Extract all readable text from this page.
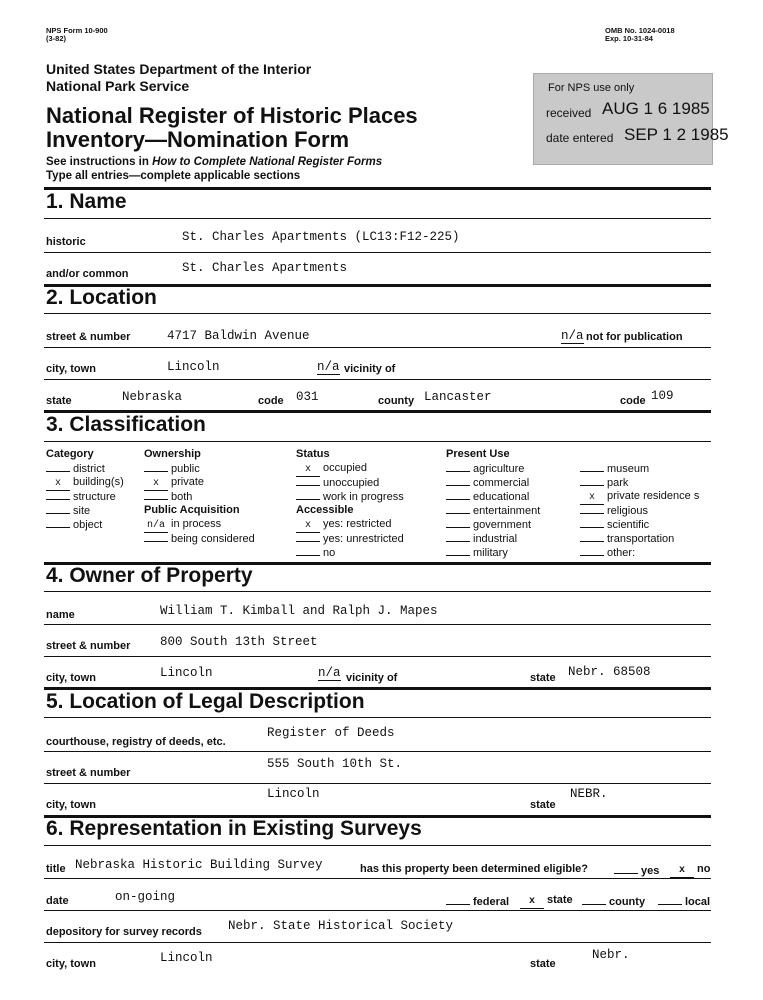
NPS Form 10-900
(3-82)
OMB No. 1024-0018
Exp. 10-31-84
United States Department of the Interior
National Park Service
National Register of Historic Places
Inventory—Nomination Form
See instructions in How to Complete National Register Forms
Type all entries—complete applicable sections
For NPS use only
received AUG 1 6 1985
date entered SEP 1 2 1985
1. Name
historic	St. Charles Apartments (LC13:F12-225)
and/or common	St. Charles Apartments
2. Location
street & number	4717 Baldwin Avenue	n/a not for publication
city, town	Lincoln	n/a vicinity of
state	Nebraska	code 031	county Lancaster	code 109
3. Classification
Category
district
x building(s)
structure
site
object
Ownership
public
x private
both
Public Acquisition
n/a in process
being considered
Status
x occupied
unoccupied
work in progress
Accessible
x yes: restricted
yes: unrestricted
no
Present Use
agriculture
commercial
educational
entertainment
government
industrial
military
museum
park
x private residence s
religious
scientific
transportation
other:
4. Owner of Property
name	William T. Kimball and Ralph J. Mapes
street & number 800 South 13th Street
city, town	Lincoln	n/a vicinity of	state Nebr. 68508
5. Location of Legal Description
courthouse, registry of deeds, etc.
Register of Deeds
street & number
555 South 10th St.
city, town
Lincoln
state
NEBR.
6. Representation in Existing Surveys
title Nebraska Historic Building Survey	has this property been determined eligible?	yes	x no
date	on-going	federal	x state	county	local
depository for survey records Nebr. State Historical Society
city, town	Lincoln	state
Nebr.
